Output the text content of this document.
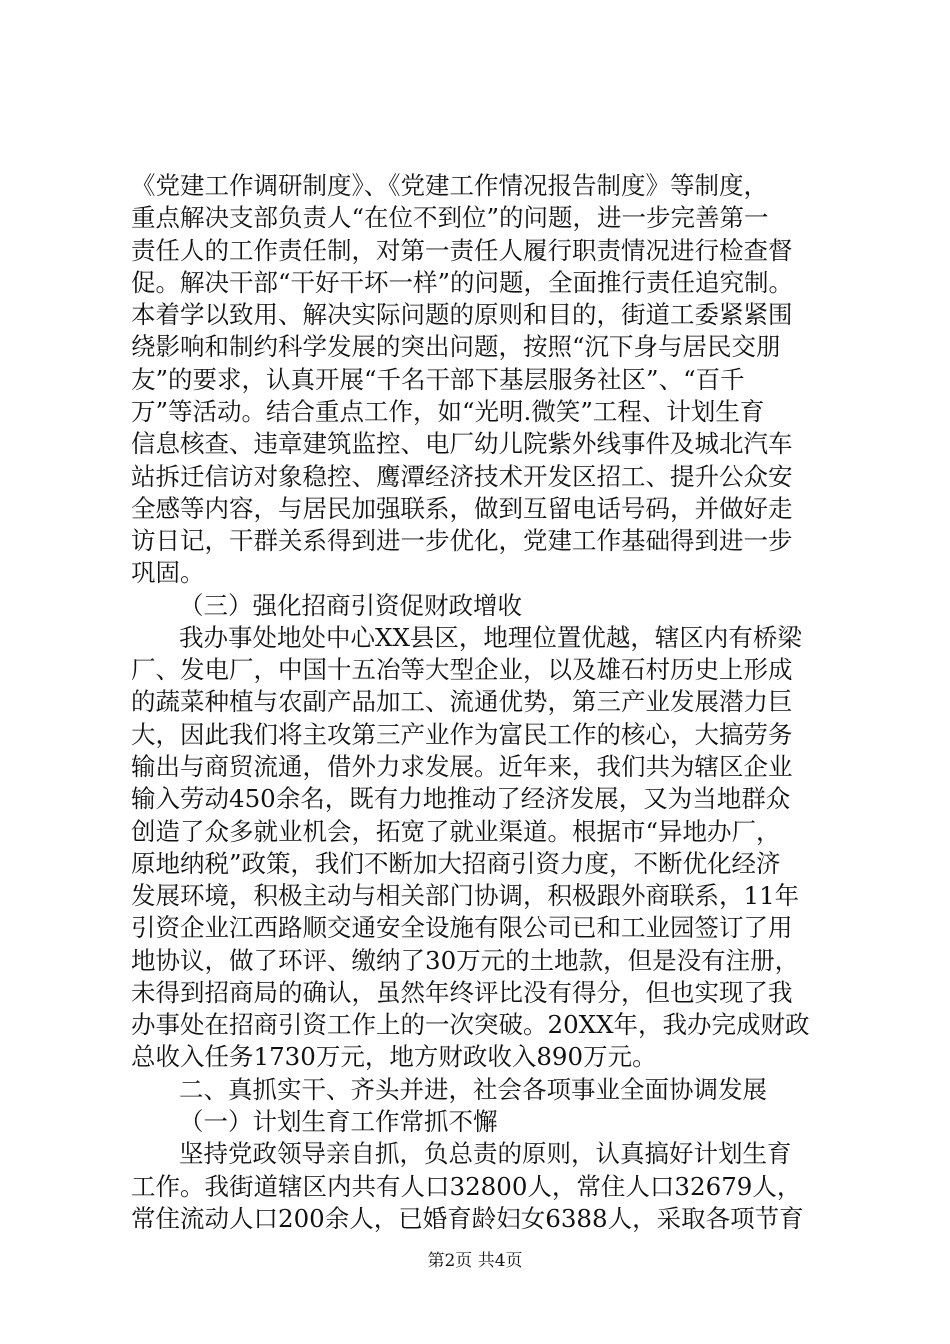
《党建工作调研制度》、《党建工作情况报告制度》等制度，
重点解决支部负责人“在位不到位”的问题，进一步完善第一
责任人的工作责任制，对第一责任人履行职责情况进行检查督
促。解决干部“干好干坏一样”的问题，全面推行责任追究制。
本着学以致用、解决实际问题的原则和目的，街道工委紧紧围
绕影响和制约科学发展的突出问题，按照“沉下身与居民交朋
友”的要求，认真开展“千名干部下基层服务社区”、“百千
万”等活动。结合重点工作，如“光明.微笑”工程、计划生育
信息核查、违章建筑监控、电厂幼儿院紫外线事件及城北汽车
站拆迁信访对象稳控、鹰潭经济技术开发区招工、提升公众安
全感等内容，与居民加强联系，做到互留电话号码，并做好走
访日记，干群关系得到进一步优化，党建工作基础得到进一步
巩固。
（三）强化招商引资促财政增收
我办事处地处中心XX县区，地理位置优越，辖区内有桥梁
厂、发电厂，中国十五冶等大型企业，以及雄石村历史上形成
的蔬菜种植与农副产品加工、流通优势，第三产业发展潜力巨
大，因此我们将主攻第三产业作为富民工作的核心，大搞劳务
输出与商贸流通，借外力求发展。近年来，我们共为辖区企业
输入劳动450余名，既有力地推动了经济发展，又为当地群众
创造了众多就业机会，拓宽了就业渠道。根据市“异地办厂，
原地纳税”政策，我们不断加大招商引资力度，不断优化经济
发展环境，积极主动与相关部门协调，积极跟外商联系，11年
引资企业江西路顺交通安全设施有限公司已和工业园签订了用
地协议，做了环评、缴纳了30万元的土地款，但是没有注册，
未得到招商局的确认，虽然年终评比没有得分，但也实现了我
办事处在招商引资工作上的一次突破。20XX年，我办完成财政
总收入任务1730万元，地方财政收入890万元。
二、真抓实干、齐头并进，社会各项事业全面协调发展
（一）计划生育工作常抓不懈
坚持党政领导亲自抓，负总责的原则，认真搞好计划生育
工作。我街道辖区内共有人口32800人，常住人口32679人，
常住流动人口200余人，已婚育龄妇女6388人，采取各项节育
第2页 共4页
